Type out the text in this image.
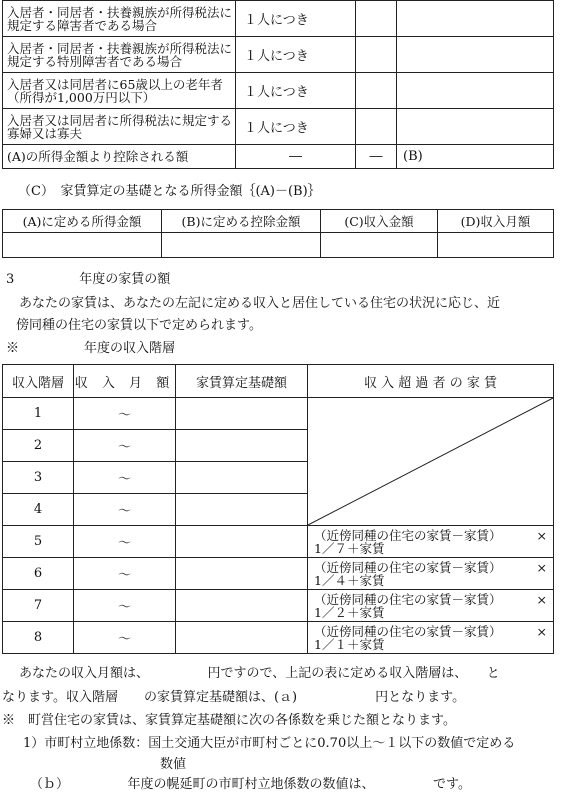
入居者・同居者・扶養親族が所得税法に規定する障害者である場合	１人につき		
入居者・同居者・扶養親族が所得税法に規定する特別障害者である場合	１人につき		
入居者又は同居者に65歳以上の老年者（所得が1,000万円以下）	１人につき		
入居者又は同居者に所得税法に規定する寡婦又は寡夫	１人につき		
(A)の所得金額より控除される額	―	―	(B)
（C）　家賃算定の基礎となる所得金額｛(A)－(B)｝
(A)に定める所得金額	(B)に定める控除金額	(C)収入金額	(D)収入月額

3　　　　　年度の家賃の額
　あなたの家賃は、あなたの左記に定める収入と居住している住宅の状況に応じ、近
傍同種の住宅の家賃以下で定められます。
※　　　　　年度の収入階層
収入階層	収 入 月 額	家賃算定基礎額	収 入 超 過 者 の 家 賃
1	～		

2	～		
3	～		
4	～		
5	～		（近傍同種の住宅の家賃－家賃） ×

1／７＋家賃
6	～		（近傍同種の住宅の家賃－家賃） ×

1／４＋家賃
7	～		（近傍同種の住宅の家賃－家賃） ×

1／２＋家賃
8	～		（近傍同種の住宅の家賃－家賃） ×

1／１＋家賃
　あなたの収入月額は、　　　　　円ですので、上記の表に定める収入階層は、　　と
なります。収入階層　　の家賃算定基礎額は、(ａ)　　　　　　円となります。
※　町営住宅の家賃は、家賃算定基礎額に次の各係数を乗じた額となります。
　1）市町村立地係数：国土交通大臣が市町村ごとに0.70以上～１以下の数値で定める
数値
（ｂ）　　　　　年度の幌延町の市町村立地係数の数値は、　　　　　です。
